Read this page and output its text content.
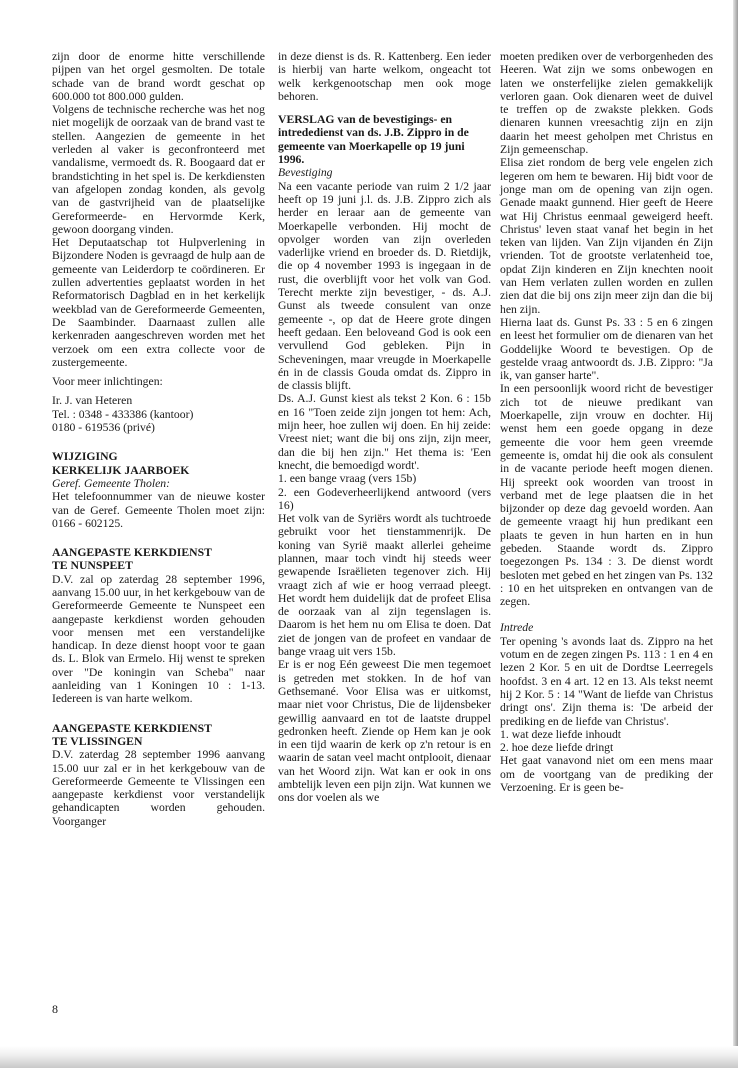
zijn door de enorme hitte verschillende pijpen van het orgel gesmolten. De totale schade van de brand wordt geschat op 600.000 tot 800.000 gulden.

Volgens de technische recherche was het nog niet mogelijk de oorzaak van de brand vast te stellen. Aangezien de gemeente in het verleden al vaker is geconfronteerd met vandalisme, vermoedt ds. R. Boogaard dat er brandstichting in het spel is. De kerkdiensten van afgelopen zondag konden, als gevolg van de gastvrijheid van de plaatselijke Gereformeerde- en Hervormde Kerk, gewoon doorgang vinden.

Het Deputaatschap tot Hulpverlening in Bijzondere Noden is gevraagd de hulp aan de gemeente van Leiderdorp te coördineren. Er zullen advertenties geplaatst worden in het Reformatorisch Dagblad en in het kerkelijk weekblad van de Gereformeerde Gemeenten, De Saambinder. Daarnaast zullen alle kerkenraden aangeschreven worden met het verzoek om een extra collecte voor de zustergemeente.

Voor meer inlichtingen:

Ir. J. van Heteren
Tel. : 0348 - 433386 (kantoor)
0180 - 619536 (privé)

WIJZIGING
KERKELIJK JAARBOEK

Geref. Gemeente Tholen:

Het telefoonnummer van de nieuwe koster van de Geref. Gemeente Tholen moet zijn: 0166 - 602125.

AANGEPASTE KERKDIENST
TE NUNSPEET

D.V. zal op zaterdag 28 september 1996, aanvang 15.00 uur, in het kerkgebouw van de Gereformeerde Gemeente te Nunspeet een aangepaste kerkdienst worden gehouden voor mensen met een verstandelijke handicap. In deze dienst hoopt voor te gaan ds. L. Blok van Ermelo. Hij wenst te spreken over "De koningin van Scheba" naar aanleiding van 1 Koningen 10 : 1-13. Iedereen is van harte welkom.

AANGEPASTE KERKDIENST
TE VLISSINGEN

D.V. zaterdag 28 september 1996 aanvang 15.00 uur zal er in het kerkgebouw van de Gereformeerde Gemeente te Vlissingen een aangepaste kerkdienst voor verstandelijk gehandicapten worden gehouden. Voorganger

in deze dienst is ds. R. Kattenberg. Een ieder is hierbij van harte welkom, ongeacht tot welk kerkgenootschap men ook moge behoren.

VERSLAG van de bevestigings- en intrededienst van ds. J.B. Zippro in de gemeente van Moerkapelle op 19 juni 1996.

Bevestiging

Na een vacante periode van ruim 2 1/2 jaar heeft op 19 juni j.l. ds. J.B. Zippro zich als herder en leraar aan de gemeente van Moerkapelle verbonden. Hij mocht de opvolger worden van zijn overleden vaderlijke vriend en broeder ds. D. Rietdijk, die op 4 november 1993 is ingegaan in de rust, die overblijft voor het volk van God. Terecht merkte zijn bevestiger, - ds. A.J. Gunst als tweede consulent van onze gemeente -, op dat de Heere grote dingen heeft gedaan. Een beloveand God is ook een vervullend God gebleken. Pijn in Scheveningen, maar vreugde in Moerkapelle én in de classis Gouda omdat ds. Zippro in de classis blijft.

Ds. A.J. Gunst kiest als tekst 2 Kon. 6 : 15b en 16 "Toen zeide zijn jongen tot hem: Ach, mijn heer, hoe zullen wij doen. En hij zeide: Vreest niet; want die bij ons zijn, zijn meer, dan die bij hen zijn." Het thema is: 'Een knecht, die bemoedigd wordt'.

1. een bange vraag (vers 15b)

2. een Godeverheerlijkend antwoord (vers 16)

Het volk van de Syriërs wordt als tuchtroede gebruikt voor het tienstammenrijk. De koning van Syrië maakt allerlei geheime plannen, maar toch vindt hij steeds weer gewapende Israëlieten tegenover zich. Hij vraagt zich af wie er hoog verraad pleegt. Het wordt hem duidelijk dat de profeet Elisa de oorzaak van al zijn tegenslagen is. Daarom is het hem nu om Elisa te doen. Dat ziet de jongen van de profeet en vandaar de bange vraag uit vers 15b.

Er is er nog Eén geweest Die men tegemoet is getreden met stokken. In de hof van Gethsemané. Voor Elisa was er uitkomst, maar niet voor Christus, Die de lijdensbeker gewillig aanvaard en tot de laatste druppel gedronken heeft. Ziende op Hem kan je ook in een tijd waarin de kerk op z'n retour is en waarin de satan veel macht ontplooit, dienaar van het Woord zijn. Wat kan er ook in ons ambtelijk leven een pijn zijn. Wat kunnen we ons dor voelen als we

moeten prediken over de verborgenheden des Heeren. Wat zijn we soms onbewogen en laten we onsterfelijke zielen gemakkelijk verloren gaan. Ook dienaren weet de duivel te treffen op de zwakste plekken. Gods dienaren kunnen vreesachtig zijn en zijn daarin het meest geholpen met Christus en Zijn gemeenschap.

Elisa ziet rondom de berg vele engelen zich legeren om hem te bewaren. Hij bidt voor de jonge man om de opening van zijn ogen. Genade maakt gunnend. Hier geeft de Heere wat Hij Christus eenmaal geweigerd heeft. Christus' leven staat vanaf het begin in het teken van lijden. Van Zijn vijanden én Zijn vrienden. Tot de grootste verlatenheid toe, opdat Zijn kinderen en Zijn knechten nooit van Hem verlaten zullen worden en zullen zien dat die bij ons zijn meer zijn dan die bij hen zijn.

Hierna laat ds. Gunst Ps. 33 : 5 en 6 zingen en leest het formulier om de dienaren van het Goddelijke Woord te bevestigen. Op de gestelde vraag antwoordt ds. J.B. Zippro: "Ja ik, van ganser harte".

In een persoonlijk woord richt de bevestiger zich tot de nieuwe predikant van Moerkapelle, zijn vrouw en dochter. Hij wenst hem een goede opgang in deze gemeente die voor hem geen vreemde gemeente is, omdat hij die ook als consulent in de vacante periode heeft mogen dienen. Hij spreekt ook woorden van troost in verband met de lege plaatsen die in het bijzonder op deze dag gevoeld worden. Aan de gemeente vraagt hij hun predikant een plaats te geven in hun harten en in hun gebeden. Staande wordt ds. Zippro toegezongen Ps. 134 : 3. De dienst wordt besloten met gebed en het zingen van Ps. 132 : 10 en het uitspreken en ontvangen van de zegen.

Intrede

Ter opening 's avonds laat ds. Zippro na het votum en de zegen zingen Ps. 113 : 1 en 4 en lezen 2 Kor. 5 en uit de Dordtse Leerregels hoofdst. 3 en 4 art. 12 en 13. Als tekst neemt hij 2 Kor. 5 : 14 "Want de liefde van Christus dringt ons'. Zijn thema is: 'De arbeid der prediking en de liefde van Christus'.

1. wat deze liefde inhoudt

2. hoe deze liefde dringt

Het gaat vanavond niet om een mens maar om de voortgang van de prediking der Verzoening. Er is geen be-

8
